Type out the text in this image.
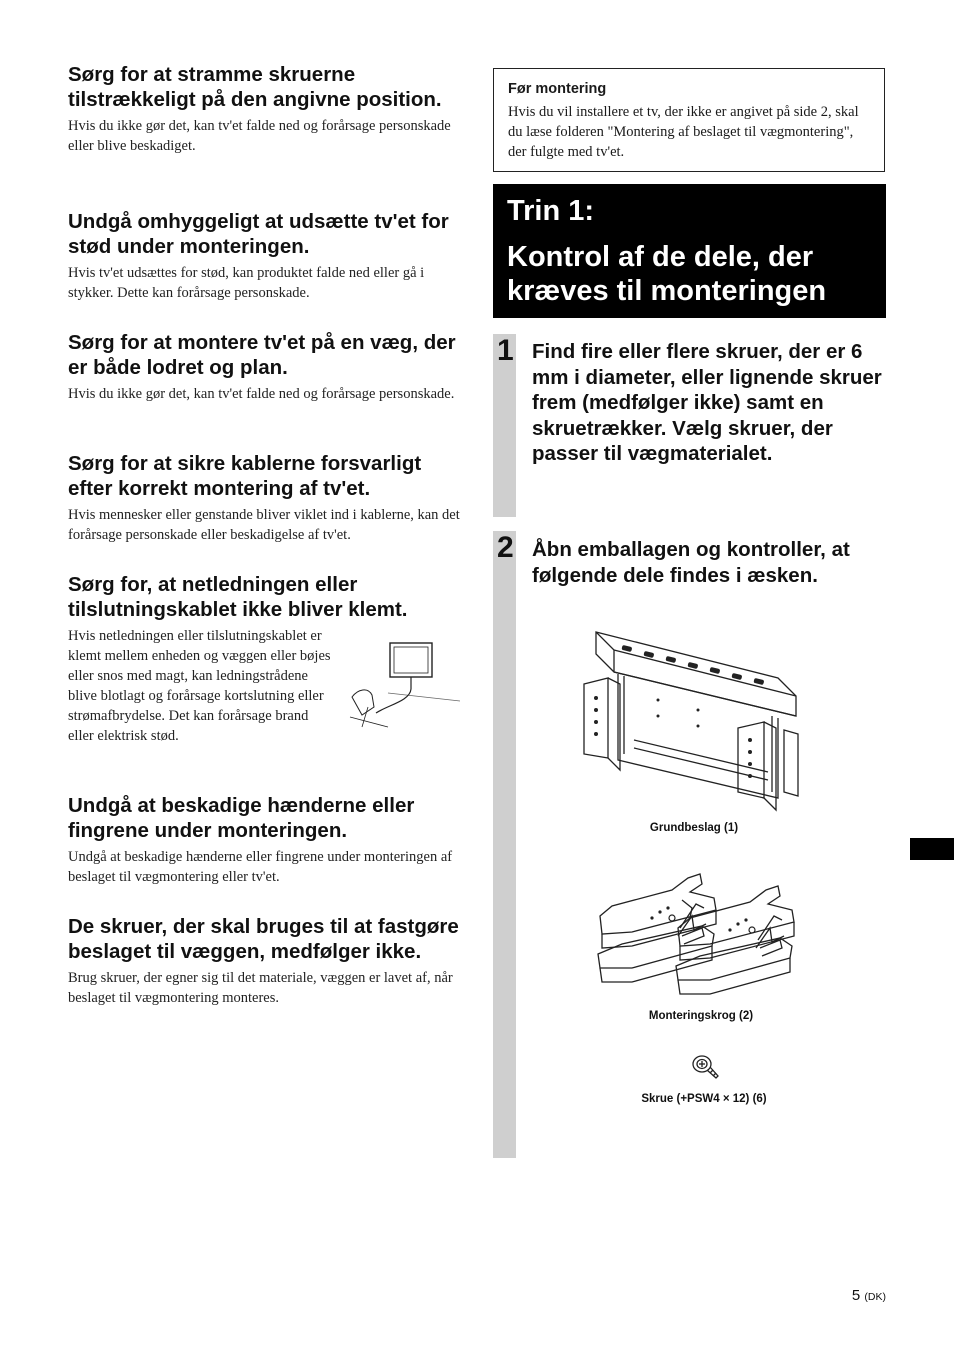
Sørg for at stramme skruerne tilstrækkeligt på den angivne position.

Hvis du ikke gør det, kan tv'et falde ned og forårsage personskade eller blive beskadiget.

Undgå omhyggeligt at udsætte tv'et for stød under monteringen.

Hvis tv'et udsættes for stød, kan produktet falde ned eller gå i stykker. Dette kan forårsage personskade.

Sørg for at montere tv'et på en væg, der er både lodret og plan.

Hvis du ikke gør det, kan tv'et falde ned og forårsage personskade.

Sørg for at sikre kablerne forsvarligt efter korrekt montering af tv'et.

Hvis mennesker eller genstande bliver viklet ind i kablerne, kan det forårsage personskade eller beskadigelse af tv'et.

Sørg for, at netledningen eller tilslutningskablet ikke bliver klemt.

Hvis netledningen eller tilslutningskablet er klemt mellem enheden og væggen eller bøjes eller snos med magt, kan ledningstrådene blive blotlagt og forårsage kortslutning eller strømafbrydelse. Det kan forårsage brand eller elektrisk stød.

Undgå at beskadige hænderne eller fingrene under monteringen.

Undgå at beskadige hænderne eller fingrene under monteringen af beslaget til vægmontering eller tv'et.

De skruer, der skal bruges til at fastgøre beslaget til væggen, medfølger ikke.

Brug skruer, der egner sig til det materiale, væggen er lavet af, når beslaget til vægmontering monteres.

Før montering

Hvis du vil installere et tv, der ikke er angivet på side 2, skal du læse folderen "Montering af beslaget til vægmontering", der fulgte med tv'et.

Trin 1:

Kontrol af de dele, der kræves til monteringen

1 Find fire eller flere skruer, der er 6 mm i diameter, eller lignende skruer frem (medfølger ikke) samt en skruetrækker. Vælg skruer, der passer til vægmaterialet.

2 Åbn emballagen og kontroller, at følgende dele findes i æsken.

Grundbeslag (1)
Monteringskrog (2)
Skrue (+PSW4 × 12) (6)
5 (DK)
